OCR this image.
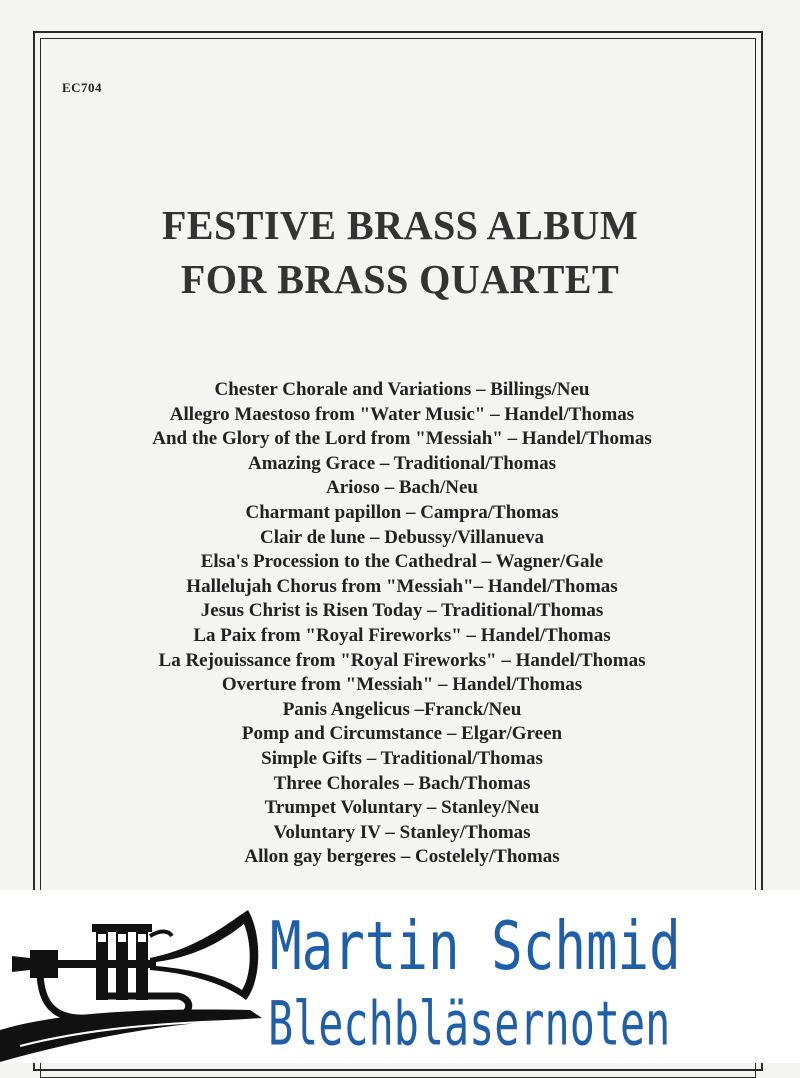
EC704
FESTIVE BRASS ALBUM
FOR BRASS QUARTET
Chester Chorale and Variations – Billings/Neu
Allegro Maestoso from "Water Music" – Handel/Thomas
And the Glory of the Lord from "Messiah" – Handel/Thomas
Amazing Grace – Traditional/Thomas
Arioso – Bach/Neu
Charmant papillon – Campra/Thomas
Clair de lune – Debussy/Villanueva
Elsa's Procession to the Cathedral – Wagner/Gale
Hallelujah Chorus from "Messiah"– Handel/Thomas
Jesus Christ is Risen Today – Traditional/Thomas
La Paix from "Royal Fireworks" – Handel/Thomas
La Rejouissance from "Royal Fireworks" – Handel/Thomas
Overture from "Messiah" – Handel/Thomas
Panis Angelicus –Franck/Neu
Pomp and Circumstance – Elgar/Green
Simple Gifts – Traditional/Thomas
Three Chorales – Bach/Thomas
Trumpet Voluntary – Stanley/Neu
Voluntary IV – Stanley/Thomas
Allon gay bergeres – Costelely/Thomas
Martin Schmid
Blechbläsernoten
